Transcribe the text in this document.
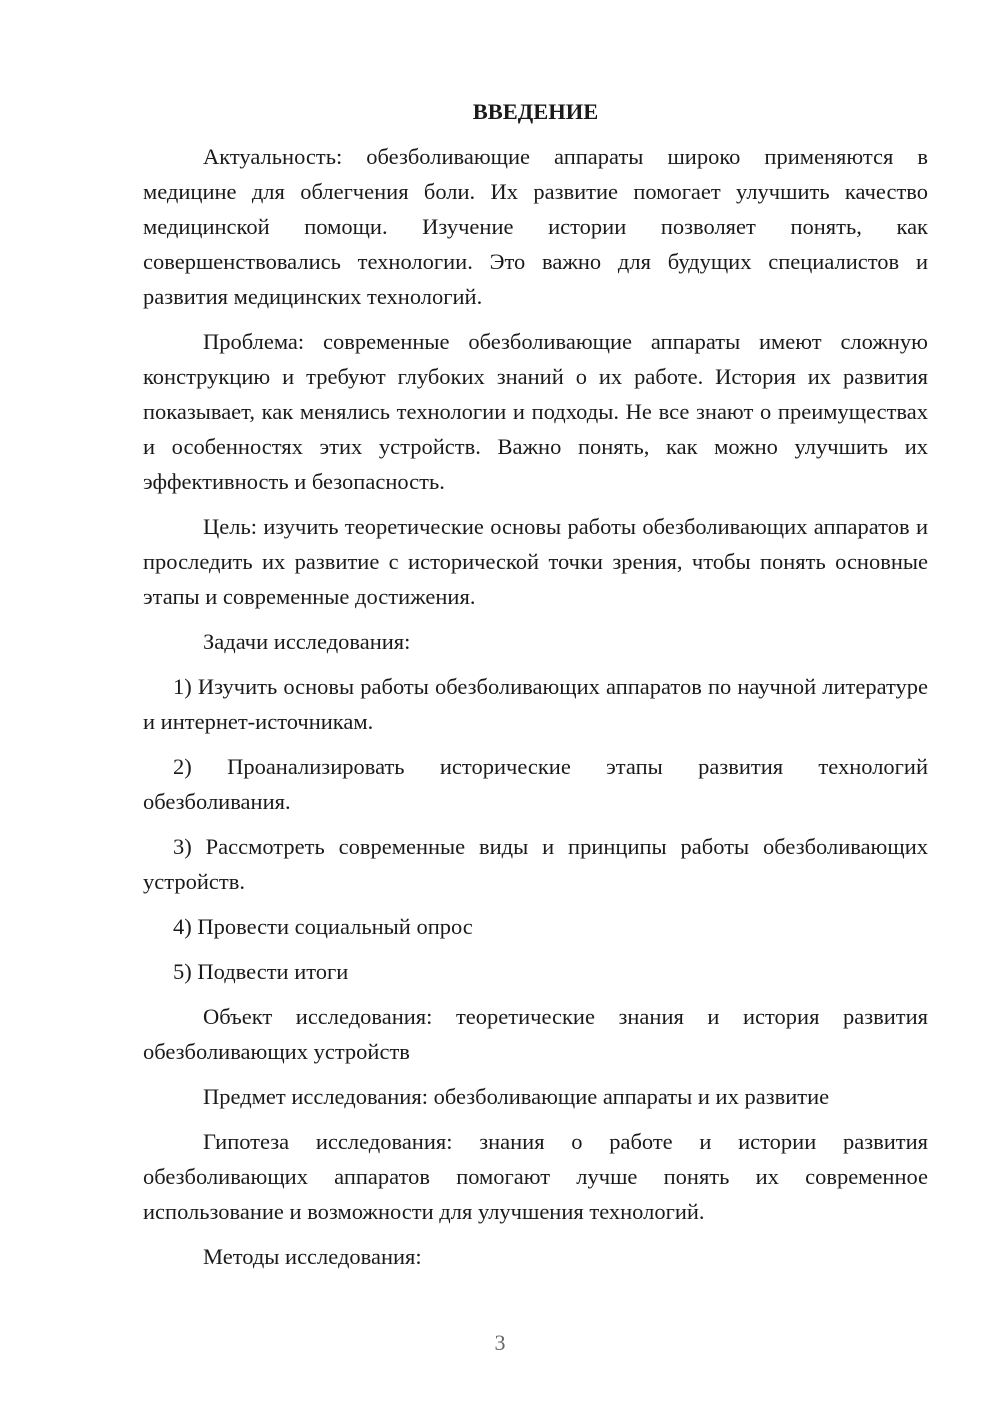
ВВЕДЕНИЕ

Актуальность: обезболивающие аппараты широко применяются в медицине для облегчения боли. Их развитие помогает улучшить качество медицинской помощи. Изучение истории позволяет понять, как совершенствовались технологии. Это важно для будущих специалистов и развития медицинских технологий.

Проблема: современные обезболивающие аппараты имеют сложную конструкцию и требуют глубоких знаний о их работе. История их развития показывает, как менялись технологии и подходы. Не все знают о преимуществах и особенностях этих устройств. Важно понять, как можно улучшить их эффективность и безопасность.

Цель: изучить теоретические основы работы обезболивающих аппаратов и проследить их развитие с исторической точки зрения, чтобы понять основные этапы и современные достижения.

Задачи исследования:

1) Изучить основы работы обезболивающих аппаратов по научной литературе и интернет-источникам.

2) Проанализировать исторические этапы развития технологий обезболивания.

3) Рассмотреть современные виды и принципы работы обезболивающих устройств.

4) Провести социальный опрос

5) Подвести итоги

Объект исследования: теоретические знания и история развития обезболивающих устройств

Предмет исследования: обезболивающие аппараты и их развитие

Гипотеза исследования: знания о работе и истории развития обезболивающих аппаратов помогают лучше понять их современное использование и возможности для улучшения технологий.

Методы исследования:

3
